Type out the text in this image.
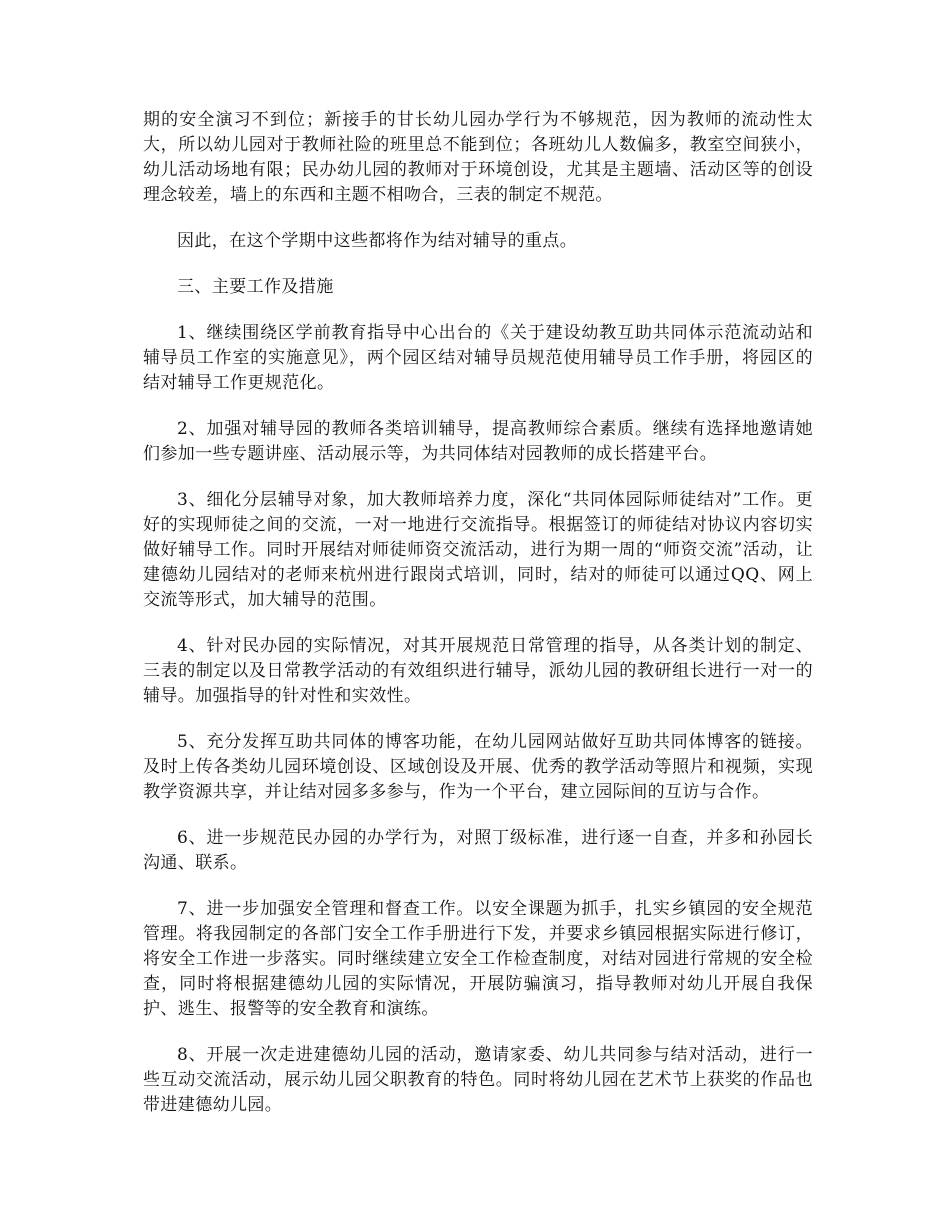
期的安全演习不到位；新接手的甘长幼儿园办学行为不够规范，因为教师的流动性太大，所以幼儿园对于教师社险的班里总不能到位；各班幼儿人数偏多，教室空间狭小，幼儿活动场地有限；民办幼儿园的教师对于环境创设，尤其是主题墙、活动区等的创设理念较差，墙上的东西和主题不相吻合，三表的制定不规范。

因此，在这个学期中这些都将作为结对辅导的重点。

三、主要工作及措施

1、继续围绕区学前教育指导中心出台的《关于建设幼教互助共同体示范流动站和辅导员工作室的实施意见》，两个园区结对辅导员规范使用辅导员工作手册，将园区的结对辅导工作更规范化。

2、加强对辅导园的教师各类培训辅导，提高教师综合素质。继续有选择地邀请她们参加一些专题讲座、活动展示等，为共同体结对园教师的成长搭建平台。

3、细化分层辅导对象，加大教师培养力度，深化“共同体园际师徒结对”工作。更好的实现师徒之间的交流，一对一地进行交流指导。根据签订的师徒结对协议内容切实做好辅导工作。同时开展结对师徒师资交流活动，进行为期一周的“师资交流”活动，让建德幼儿园结对的老师来杭州进行跟岗式培训，同时，结对的师徒可以通过QQ、网上交流等形式，加大辅导的范围。

4、针对民办园的实际情况，对其开展规范日常管理的指导，从各类计划的制定、三表的制定以及日常教学活动的有效组织进行辅导，派幼儿园的教研组长进行一对一的辅导。加强指导的针对性和实效性。

5、充分发挥互助共同体的博客功能，在幼儿园网站做好互助共同体博客的链接。及时上传各类幼儿园环境创设、区域创设及开展、优秀的教学活动等照片和视频，实现教学资源共享，并让结对园多多参与，作为一个平台，建立园际间的互访与合作。

6、进一步规范民办园的办学行为，对照丁级标准，进行逐一自查，并多和孙园长沟通、联系。

7、进一步加强安全管理和督查工作。以安全课题为抓手，扎实乡镇园的安全规范管理。将我园制定的各部门安全工作手册进行下发，并要求乡镇园根据实际进行修订，将安全工作进一步落实。同时继续建立安全工作检查制度，对结对园进行常规的安全检查，同时将根据建德幼儿园的实际情况，开展防骗演习，指导教师对幼儿开展自我保护、逃生、报警等的安全教育和演练。

8、开展一次走进建德幼儿园的活动，邀请家委、幼儿共同参与结对活动，进行一些互动交流活动，展示幼儿园父职教育的特色。同时将幼儿园在艺术节上获奖的作品也带进建德幼儿园。
